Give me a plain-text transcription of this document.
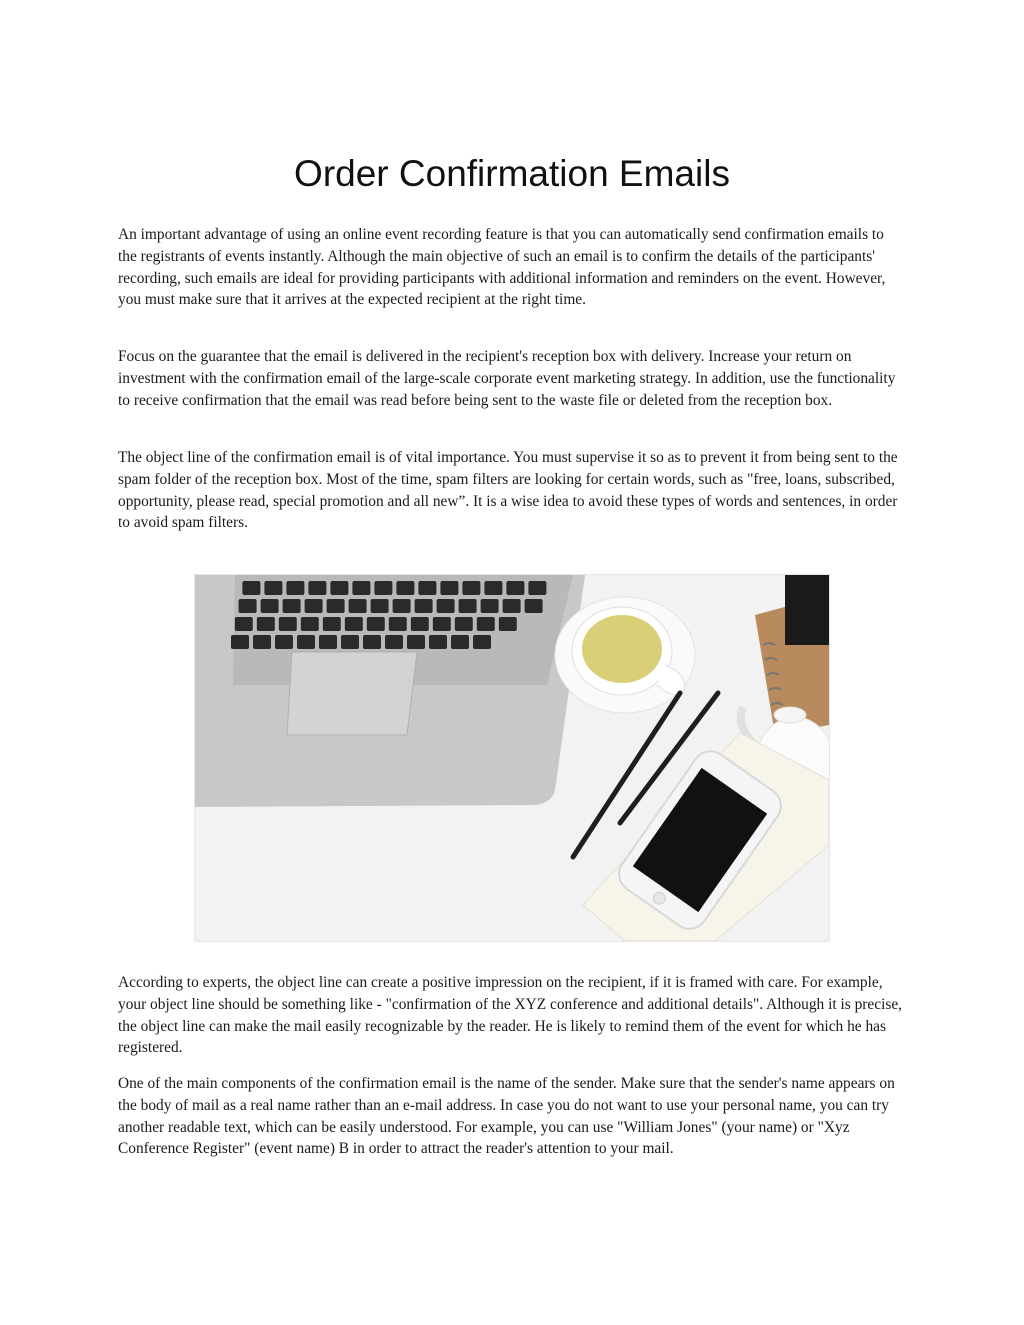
Order Confirmation Emails

An important advantage of using an online event recording feature is that you can automatically send confirmation emails to the registrants of events instantly. Although the main objective of such an email is to confirm the details of the participants' recording, such emails are ideal for providing participants with additional information and reminders on the event. However, you must make sure that it arrives at the expected recipient at the right time.

Focus on the guarantee that the email is delivered in the recipient's reception box with delivery. Increase your return on investment with the confirmation email of the large-scale corporate event marketing strategy. In addition, use the functionality to receive confirmation that the email was read before being sent to the waste file or deleted from the reception box.

The object line of the confirmation email is of vital importance. You must supervise it so as to prevent it from being sent to the spam folder of the reception box. Most of the time, spam filters are looking for certain words, such as "free, loans, subscribed, opportunity, please read, special promotion and all new”. It is a wise idea to avoid these types of words and sentences, in order to avoid spam filters.

According to experts, the object line can create a positive impression on the recipient, if it is framed with care. For example, your object line should be something like - "confirmation of the XYZ conference and additional details". Although it is precise, the object line can make the mail easily recognizable by the reader. He is likely to remind them of the event for which he has registered.

One of the main components of the confirmation email is the name of the sender. Make sure that the sender's name appears on the body of mail as a real name rather than an e-mail address. In case you do not want to use your personal name, you can try another readable text, which can be easily understood. For example, you can use "William Jones" (your name) or "Xyz Conference Register" (event name) B in order to attract the reader's attention to your mail.
